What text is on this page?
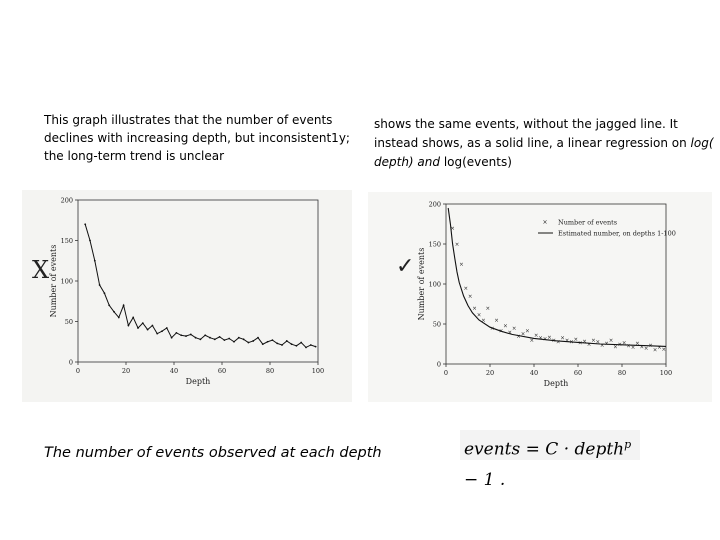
This graph illustrates that the number of events declines with increasing depth, but inconsistent1y; the long-term trend is unclear
shows the same events, without the jagged line. It instead shows, as a solid line, a linear regression on log( depth) and log(events)
0
50
100
150
200
0	20	40	60	80	100
Depth
Number of events
X
0
50
100
150
200
0	20	40	60	80	100
Depth
Number of events
×
×
×
×
×
×
×
×
×
×
×
×
×
×
×
× ×
×
×
× × × ×
× ×
× × × ×
× ×
×
× ×
× ×
×
× × ×
× ×
×
× ×
×
× × ×
× Number of events
Estimated number, on depths 1-100
✓
The number of events observed at each depth	events = C · depth$^p$ − 1 .
